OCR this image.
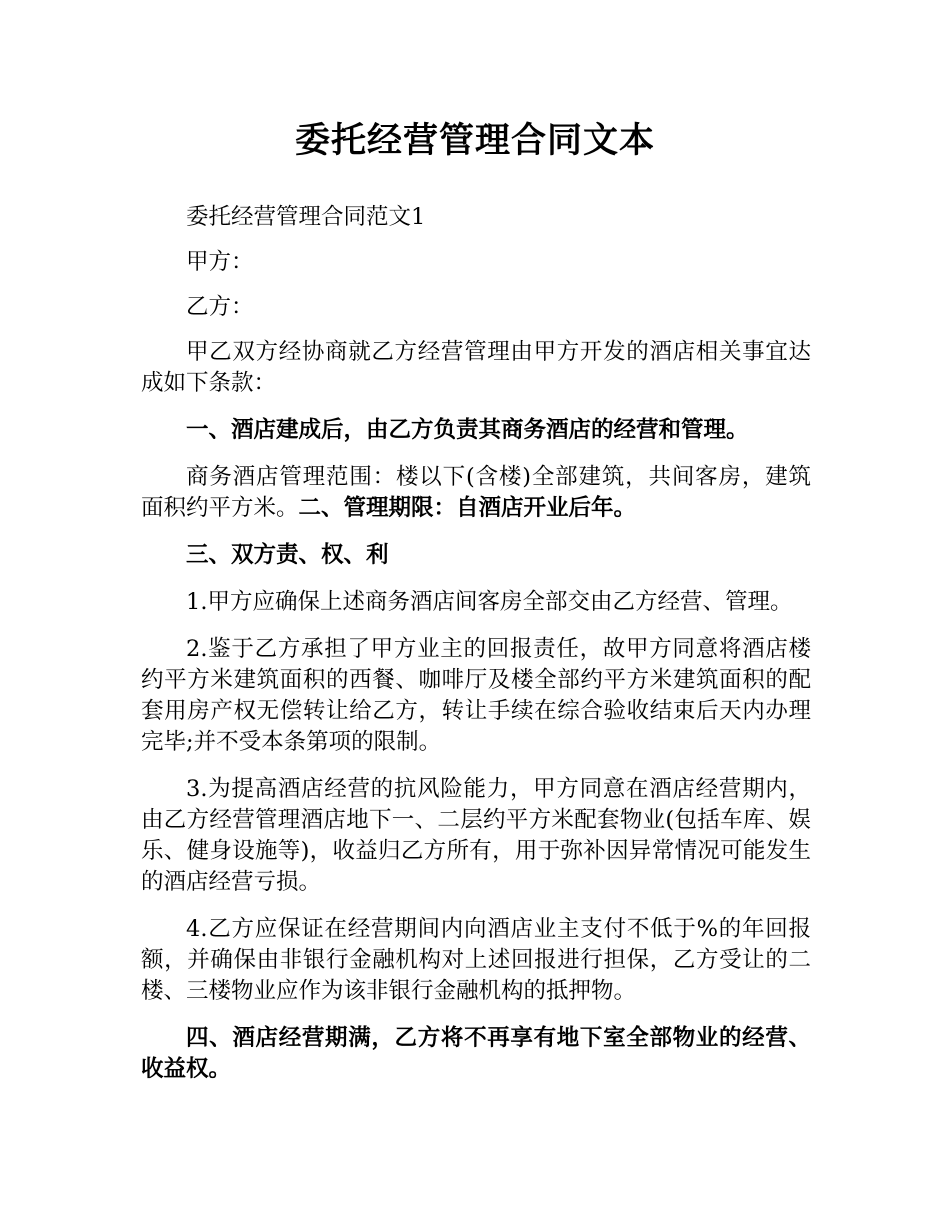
委托经营管理合同文本

委托经营管理合同范文1

甲方：

乙方：

甲乙双方经协商就乙方经营管理由甲方开发的酒店相关事宜达成如下条款：

一、酒店建成后，由乙方负责其商务酒店的经营和管理。

商务酒店管理范围：楼以下(含楼)全部建筑，共间客房，建筑面积约平方米。二、管理期限：自酒店开业后年。

三、双方责、权、利

1.甲方应确保上述商务酒店间客房全部交由乙方经营、管理。

2.鉴于乙方承担了甲方业主的回报责任，故甲方同意将酒店楼约平方米建筑面积的西餐、咖啡厅及楼全部约平方米建筑面积的配套用房产权无偿转让给乙方，转让手续在综合验收结束后天内办理完毕;并不受本条第项的限制。

3.为提高酒店经营的抗风险能力，甲方同意在酒店经营期内，由乙方经营管理酒店地下一、二层约平方米配套物业(包括车库、娱乐、健身设施等)，收益归乙方所有，用于弥补因异常情况可能发生的酒店经营亏损。

4.乙方应保证在经营期间内向酒店业主支付不低于%的年回报额，并确保由非银行金融机构对上述回报进行担保，乙方受让的二楼、三楼物业应作为该非银行金融机构的抵押物。

四、酒店经营期满，乙方将不再享有地下室全部物业的经营、收益权。
